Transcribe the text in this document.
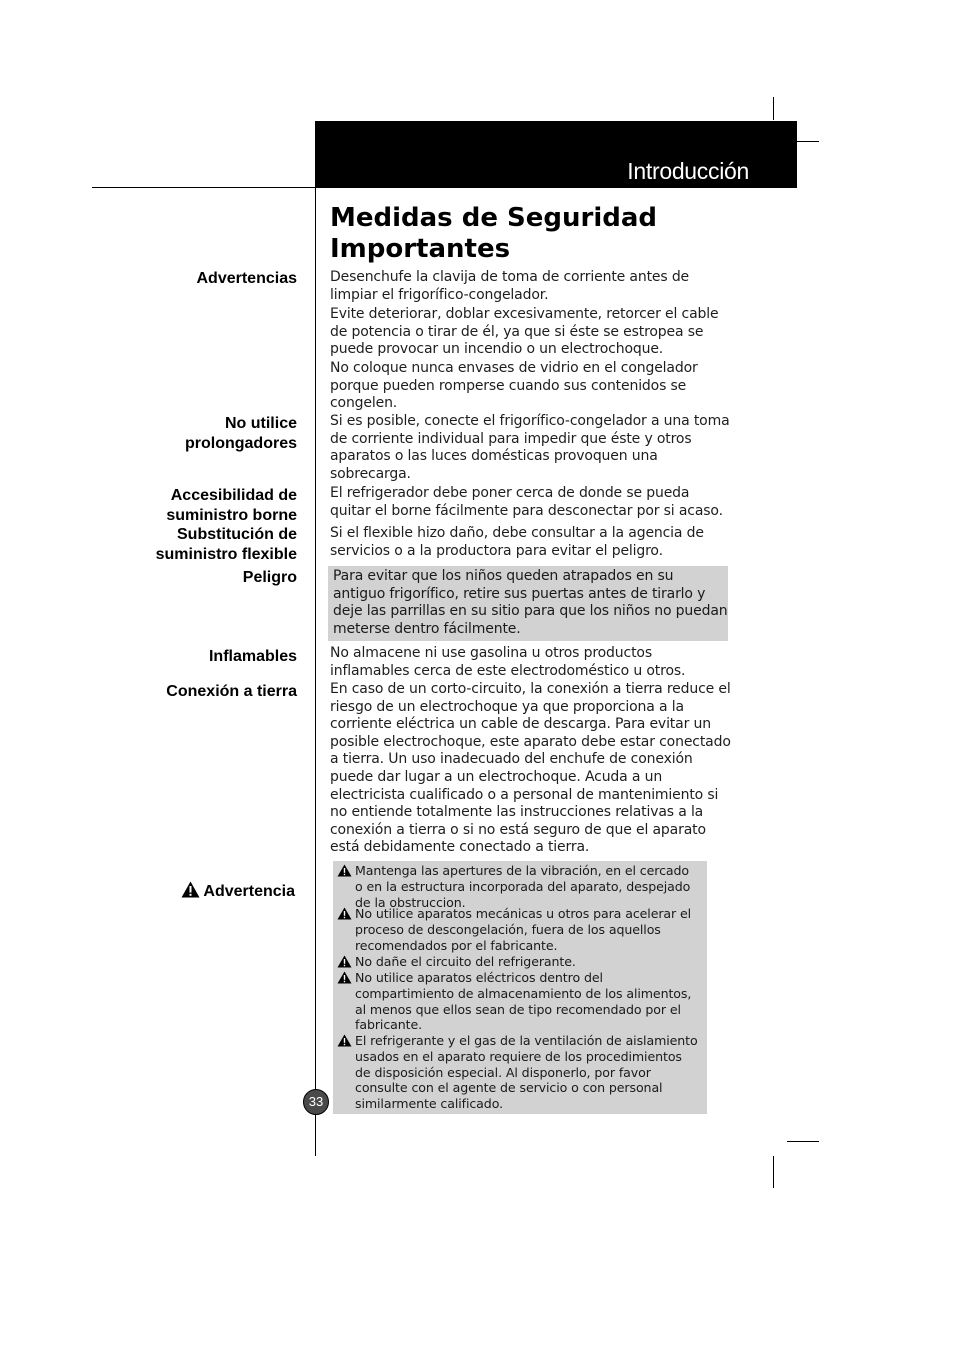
Introducción
Medidas de Seguridad
Importantes
Advertencias
No utilice
prolongadores
Accesibilidad de
suministro borne
Substitución de
suministro flexible
Peligro
Inflamables
Conexión a tierra

Advertencia

Desenchufe la clavija de toma de corriente antes de limpiar el frigorífico-congelador.

Evite deteriorar, doblar excesivamente, retorcer el cable de potencia o tirar de él, ya que si éste se estropea se puede provocar un incendio o un electrochoque.

No coloque nunca envases de vidrio en el congelador porque pueden romperse cuando sus contenidos se congelen.

Si es posible, conecte el frigorífico-congelador a una toma de corriente individual para impedir que éste y otros aparatos o las luces domésticas provoquen una sobrecarga.

El refrigerador debe poner cerca de donde se pueda quitar el borne fácilmente para desconectar por si acaso.

Si el flexible hizo daño, debe consultar a la agencia de servicios o a la productora para evitar el peligro.

Para evitar que los niños queden atrapados en su antiguo frigorífico, retire sus puertas antes de tirarlo y deje las parrillas en su sitio para que los niños no puedan meterse dentro fácilmente.

No almacene ni use gasolina u otros productos inflamables cerca de este electrodoméstico u otros.

En caso de un corto-circuito, la conexión a tierra reduce el riesgo de un electrochoque ya que proporciona a la corriente eléctrica un cable de descarga. Para evitar un posible electrochoque, este aparato debe estar conectado a tierra. Un uso inadecuado del enchufe de conexión puede dar lugar a un electrochoque. Acuda a un electricista cualificado o a personal de mantenimiento si no entiende totalmente las instrucciones relativas a la conexión a tierra o si no está seguro de que el aparato está debidamente conectado a tierra.

Mantenga las apertures de la vibración, en el cercado o en la estructura incorporada del aparato, despejado de la obstruccion.
No utilice aparatos mecánicas u otros para acelerar el proceso de descongelación, fuera de los aquellos recomendados por el fabricante.
No dañe el circuito del refrigerante.
No utilice aparatos eléctricos dentro del compartimiento de almacenamiento de los alimentos, al menos que ellos sean de tipo recomendado por el fabricante.
El refrigerante y el gas de la ventilación de aislamiento usados en el aparato requiere de los procedimientos de disposición especial. Al disponerlo, por favor consulte con el agente de servicio o con personal similarmente calificado.
33
